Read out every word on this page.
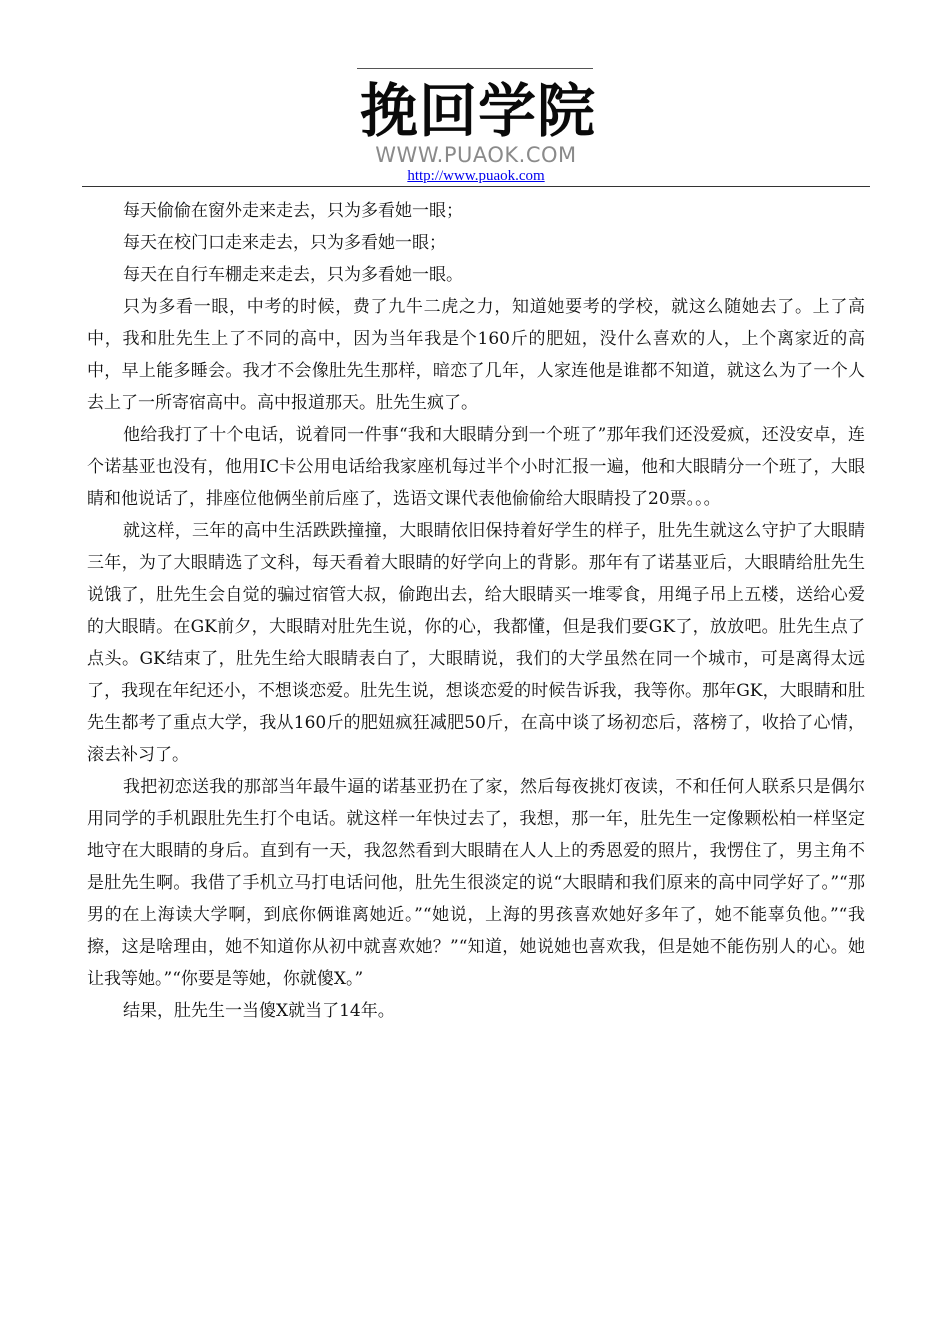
挽回学院
WWW.PUAOK.COM
http://www.puaok.com

每天偷偷在窗外走来走去，只为多看她一眼；

每天在校门口走来走去，只为多看她一眼；

每天在自行车棚走来走去，只为多看她一眼。

只为多看一眼，中考的时候，费了九牛二虎之力，知道她要考的学校，就这么随她去了。上了高中，我和肚先生上了不同的高中，因为当年我是个160斤的肥妞，没什么喜欢的人，上个离家近的高中，早上能多睡会。我才不会像肚先生那样，暗恋了几年，人家连他是谁都不知道，就这么为了一个人去上了一所寄宿高中。高中报道那天。肚先生疯了。

他给我打了十个电话，说着同一件事“我和大眼睛分到一个班了”那年我们还没爱疯，还没安卓，连个诺基亚也没有，他用IC卡公用电话给我家座机每过半个小时汇报一遍，他和大眼睛分一个班了，大眼睛和他说话了，排座位他俩坐前后座了，选语文课代表他偷偷给大眼睛投了20票。。。

就这样，三年的高中生活跌跌撞撞，大眼睛依旧保持着好学生的样子，肚先生就这么守护了大眼睛三年，为了大眼睛选了文科，每天看着大眼睛的好学向上的背影。那年有了诺基亚后，大眼睛给肚先生说饿了，肚先生会自觉的骗过宿管大叔，偷跑出去，给大眼睛买一堆零食，用绳子吊上五楼，送给心爱的大眼睛。在GK前夕，大眼睛对肚先生说，你的心，我都懂，但是我们要GK了，放放吧。肚先生点了点头。GK结束了，肚先生给大眼睛表白了，大眼睛说，我们的大学虽然在同一个城市，可是离得太远了，我现在年纪还小，不想谈恋爱。肚先生说，想谈恋爱的时候告诉我，我等你。那年GK，大眼睛和肚先生都考了重点大学，我从160斤的肥妞疯狂减肥50斤，在高中谈了场初恋后，落榜了，收拾了心情，滚去补习了。

我把初恋送我的那部当年最牛逼的诺基亚扔在了家，然后每夜挑灯夜读，不和任何人联系只是偶尔用同学的手机跟肚先生打个电话。就这样一年快过去了，我想，那一年，肚先生一定像颗松柏一样坚定地守在大眼睛的身后。直到有一天，我忽然看到大眼睛在人人上的秀恩爱的照片，我愣住了，男主角不是肚先生啊。我借了手机立马打电话问他，肚先生很淡定的说“大眼睛和我们原来的高中同学好了。”“那男的在上海读大学啊，到底你俩谁离她近。”“她说，上海的男孩喜欢她好多年了，她不能辜负他。”“我擦，这是啥理由，她不知道你从初中就喜欢她？”“知道，她说她也喜欢我，但是她不能伤别人的心。她让我等她。”“你要是等她，你就傻X。”

结果，肚先生一当傻X就当了14年。
